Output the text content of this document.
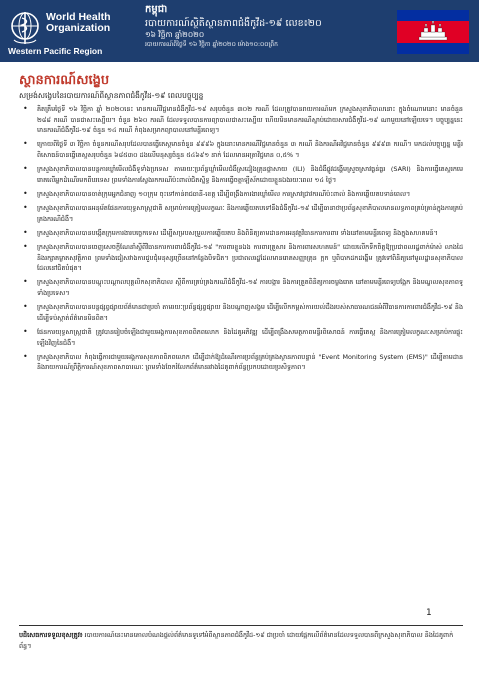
World Health
Organization
Western Pacific Region
កម្ពុជា
របាយការណ៍ស្ថិតិស្ថានភាពជំងឺកូវីដ-១៩ លេខ៖២០
១៦ វិច្ឆិកា ឆ្នាំ២០២០
របាយការណ៍ពីថ្ងៃទី ១៦ វិច្ឆិកា ឆ្នាំ២០២០ ម៉ោង១០:០០ព្រឹក
ស្ថានការណ៍សង្ខេប
សម្រង់សង្ខេបនៃរបាយការណ៍ពីស្ថានភាពជំងឺកូវីដ-១៩ ពេលបច្ចុប្បន្ន
• គិតត្រឹមថ្ងៃទី ១៦ វិច្ឆិកា ឆ្នាំ ២០២០នេះ មានករណីវិជ្ជមានជំងឺកូវីដ-១៩ សរុបចំនួន ៣០២ ករណី ដែលត្រូវបានរាយការណ៍មក ក្រសួងសុខាភិបាលនោះ ក្នុងចំណោមនោះ មានចំនួន ២៨៨ ករណី បានជាសះស្បើយ។ ចំនួន ២៦០ ករណី ដែលទទួលបានការព្យាបាលជាសះស្បើយ ហើយមិនមានករណីស្លាប់ដោយសារជំងឺកូវីដ-១៩ ណាមួយនៅឡើយទេ។ បច្ចុប្បន្ននេះ មានករណីជំងឺកូវីដ-១៩ ចំនួន ១៤ ករណី កំពុងសម្រាកព្យាបាលនៅមន្ទីរពេទ្យ។
• ក្រោយពីថ្ងៃទី ៣ វិច្ឆិកា ចំនួនករណីសរុបដែលបានធ្វើតេស្តមានចំនួន ៩៩៩៦ ក្នុងនោះមានករណីវិជ្ជមានចំនួន ៣ ករណី និងករណីអវិជ្ជមានចំនួន ៩៩៩៣ ករណី។ មកដល់បច្ចុប្បន្ន មន្ទីរពិសោធន៍បានធ្វើតេស្តសរុបចំនួន ៦៨៥៣០ ដងលើមនុស្សចំនួន ៥៤៦៩១ នាក់ ដែលមានអត្រាវិជ្ជមាន ០,៥% ។
• ក្រសួងសុខាភិបាលបានបន្តការឃ្លាំមើលជំងឺទូទាំងប្រទេស តាមរយៈប្រព័ន្ធឃ្លាំមើលជំងឺស្រដៀងគ្រុនផ្តាសាយ (ILI) និងជំងឺផ្លូវដង្ហើមស្រួចស្រាវធ្ងន់ធ្ងរ (SARI) និងការធ្វើតេស្តរកមេរោគលើអ្នកដំណើរមកពីបរទេស ព្រមទាំងការស្វែងរកករណីប៉ះពាល់ជិតស្និទ្ធ និងការធ្វើចត្តាឡីស័កដោយខ្លួនឯងរយៈពេល ១៤ ថ្ងៃ។
• ក្រសួងសុខាភិបាលបានចាត់ក្រុមអ្នកជំនាញ ១០ក្រុម ចុះទៅកាន់រាជធានី-ខេត្ត ដើម្បីពង្រឹងការងារឃ្លាំមើល ការស្រាវជ្រាវករណីប៉ះពាល់ និងការឆ្លើយតបទាន់ពេល។
• ក្រសួងសុខាភិបាលបានអនុម័តផែនការយុទ្ធសាស្ត្រជាតិ សម្រាប់ការត្រៀមលក្ខណៈ និងការឆ្លើយតបទៅនឹងជំងឺកូវីដ-១៩ ដើម្បីធានាថាប្រព័ន្ធសុខាភិបាលមានលទ្ធភាពគ្រប់គ្រាន់ក្នុងការគ្រប់គ្រងករណីជំងឺ។
• ក្រសួងសុខាភិបាលបានបង្កើតក្រុមការងារបច្ចេកទេស ដើម្បីសម្របសម្រួលការឆ្លើយតប និងពិនិត្យតាមដានការអនុវត្តវិធានការការពារ ទាំងនៅតាមមន្ទីរពេទ្យ និងក្នុងសហគមន៍។
• ក្រសួងសុខាភិបាលបានចេញសេចក្តីណែនាំស្តីពីវិធានការការពារជំងឺកូវីដ-១៩ "ការពារខ្លួនឯង ការពារគ្រួសារ និងការពារសហគមន៍" ដោយលើកទឹកចិត្តឱ្យប្រជាពលរដ្ឋពាក់ម៉ាស់ លាងដៃ និងរក្សាគម្លាតសុវត្ថិភាព ព្រមទាំងជៀសវាងការជួបជុំមនុស្សច្រើននៅកន្លែងបិទជិត។ ប្រជាពលរដ្ឋដែលមានរោគសញ្ញាគ្រុន ក្អក ឬពិបាកដកដង្ហើម ត្រូវទៅពិនិត្យនៅមូលដ្ឋានសុខាភិបាលដែលនៅជិតបំផុត។
• ក្រសួងសុខាភិបាលបានបណ្តុះបណ្តាលបុគ្គលិកសុខាភិបាល ស្តីពីការគ្រប់គ្រងករណីជំងឺកូវីដ-១៩ ការបង្ការ និងការត្រួតពិនិត្យការចម្លងរោគ នៅតាមមន្ទីរពេទ្យបង្អែក និងមណ្ឌលសុខភាពទូទាំងប្រទេស។
• ក្រសួងសុខាភិបាលបានបន្តផ្សព្វផ្សាយព័ត៌មានជាប្រចាំ តាមរយៈប្រព័ន្ធផ្សព្វផ្សាយ និងបណ្តាញសង្គម ដើម្បីលើកកម្ពស់ការយល់ដឹងរបស់សាធារណជនអំពីវិធានការការពារជំងឺកូវីដ-១៩ និងដើម្បីទប់ស្កាត់ព័ត៌មានមិនពិត។
• ផែនការយុទ្ធសាស្ត្រជាតិ ត្រូវបានរៀបចំឡើងជាមួយអង្គការសុខភាពពិភពលោក និងដៃគូអភិវឌ្ឍ ដើម្បីពង្រឹងសមត្ថភាពមន្ទីរពិសោធន៍ ការធ្វើតេស្ត និងការត្រៀមលក្ខណៈសម្រាប់ការផ្ទុះឡើងវិញនៃជំងឺ។
• ក្រសួងសុខាភិបាល កំពុងធ្វើការជាមួយអង្គការសុខភាពពិភពលោក ដើម្បីដាក់ឱ្យដំណើរការប្រព័ន្ធគ្រប់គ្រងស្ថានភាពបន្ទាន់ "Event Monitoring System (EMS)" ដើម្បីតាមដាន និងរាយការណ៍ព្រឹត្តិការណ៍សុខភាពសាធារណៈ ព្រមទាំងចែករំលែកព័ត៌មានរវាងដៃគូពាក់ព័ន្ធប្រកបដោយប្រសិទ្ធភាព។
1
បដិសេធការទទួលខុសត្រូវ៖ របាយការណ៍នេះមានគោលបំណងផ្តល់ព័ត៌មានទូទៅអំពីស្ថានភាពជំងឺកូវីដ-១៩ ជាប្រចាំ ដោយផ្អែកលើព័ត៌មានដែលទទួលបានពីក្រសួងសុខាភិបាល និងដៃគូពាក់ព័ន្ធ។
